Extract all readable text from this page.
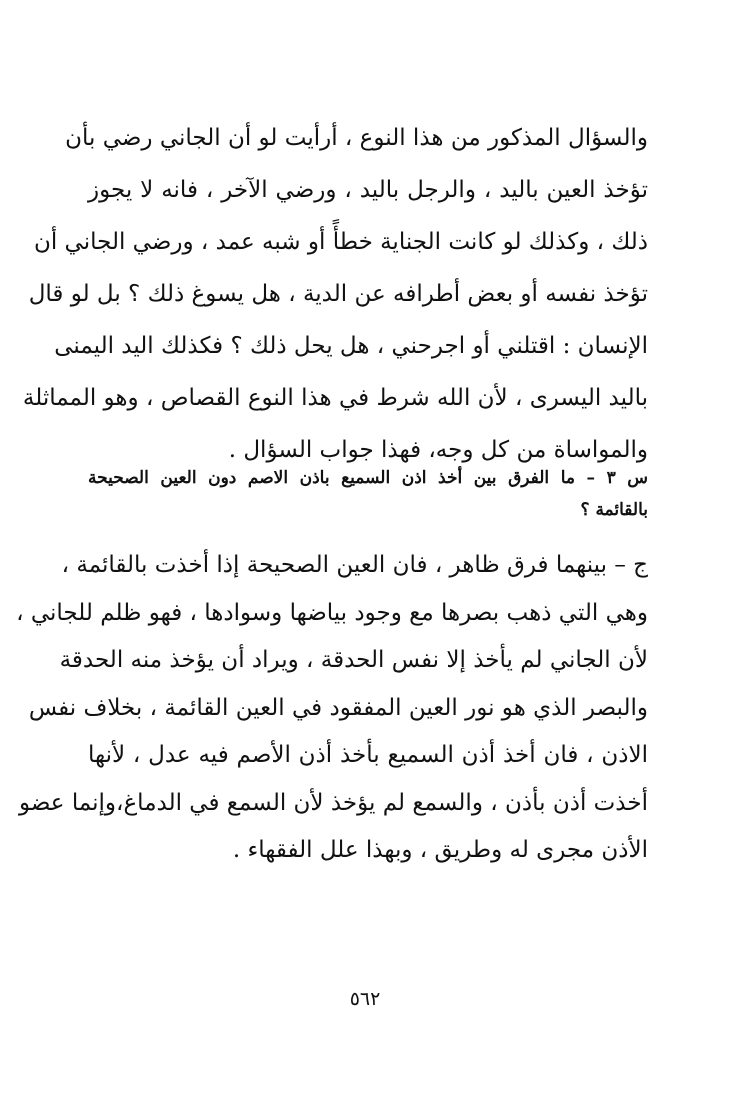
والسؤال المذكور من هذا النوع ، أرأيت لو أن الجاني رضي بأن
تؤخذ العين باليد ، والرجل باليد ، ورضي الآخر ، فانه لا يجوز
ذلك ، وكذلك لو كانت الجناية خطأً أو شبه عمد ، ورضي الجاني أن
تؤخذ نفسه أو بعض أطرافه عن الدية ، هل يسوغ ذلك ؟ بل لو قال
الإنسان : اقتلني أو اجرحني ، هل يحل ذلك ؟ فكذلك اليد اليمنى
باليد اليسرى ، لأن الله شرط في هذا النوع القصاص ، وهو المماثلة
والمواساة من كل وجه، فهذا جواب السؤال .
س ٣ – ما الفرق بين أخذ اذن السميع باذن الاصم دون العين الصحيحة
بالقائمة ؟
ج – بينهما فرق ظاهر ، فان العين الصحيحة إذا أخذت بالقائمة ،
وهي التي ذهب بصرها مع وجود بياضها وسوادها ، فهو ظلم للجاني ،
لأن الجاني لم يأخذ إلا نفس الحدقة ، ويراد أن يؤخذ منه الحدقة
والبصر الذي هو نور العين المفقود في العين القائمة ، بخلاف نفس
الاذن ، فان أخذ أذن السميع بأخذ أذن الأصم فيه عدل ، لأنها
أخذت أذن بأذن ، والسمع لم يؤخذ لأن السمع في الدماغ،وإنما عضو
الأذن مجرى له وطريق ، وبهذا علل الفقهاء .
٥٦٢
